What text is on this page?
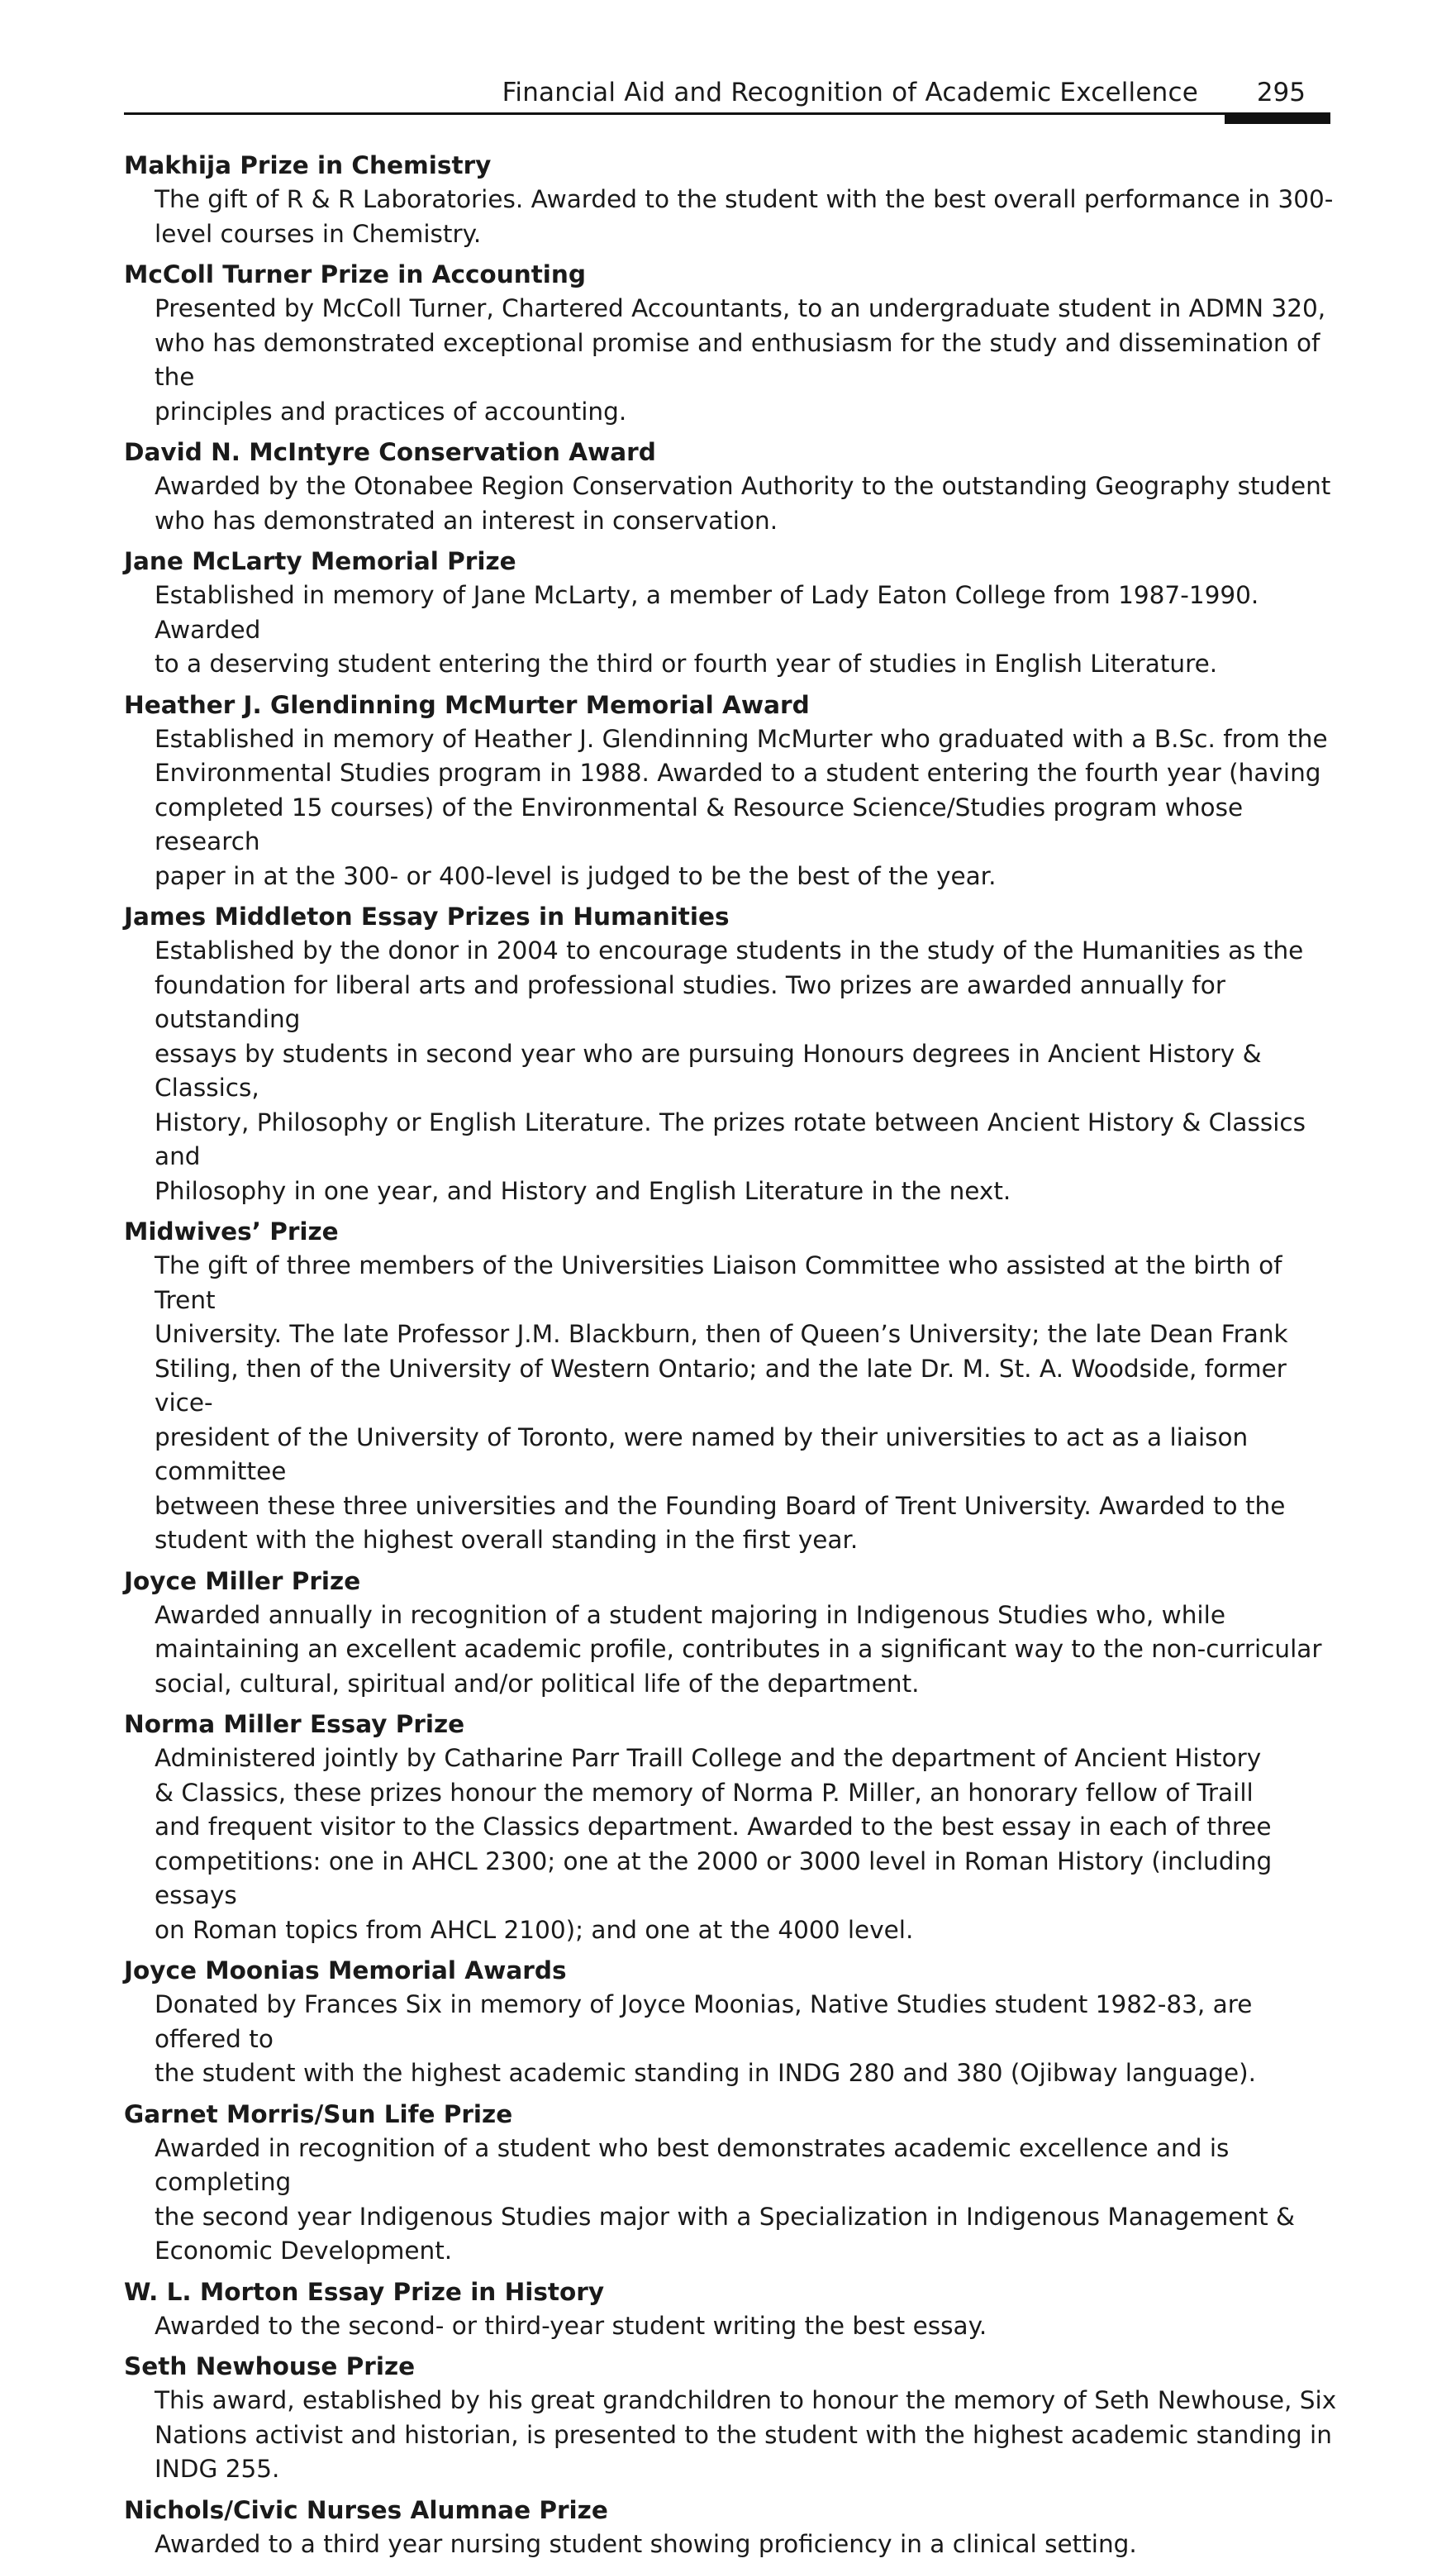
Financial Aid and Recognition of Academic Excellence 295
Makhija Prize in Chemistry
The gift of R & R Laboratories. Awarded to the student with the best overall performance in 300-
level courses in Chemistry.
McColl Turner Prize in Accounting
Presented by McColl Turner, Chartered Accountants, to an undergraduate student in ADMN 320,
who has demonstrated exceptional promise and enthusiasm for the study and dissemination of the
principles and practices of accounting.
David N. McIntyre Conservation Award
Awarded by the Otonabee Region Conservation Authority to the outstanding Geography student
who has demonstrated an interest in conservation.
Jane McLarty Memorial Prize
Established in memory of Jane McLarty, a member of Lady Eaton College from 1987-1990. Awarded
to a deserving student entering the third or fourth year of studies in English Literature.
Heather J. Glendinning McMurter Memorial Award
Established in memory of Heather J. Glendinning McMurter who graduated with a B.Sc. from the
Environmental Studies program in 1988. Awarded to a student entering the fourth year (having
completed 15 courses) of the Environmental & Resource Science/Studies program whose research
paper in at the 300- or 400-level is judged to be the best of the year.
James Middleton Essay Prizes in Humanities
Established by the donor in 2004 to encourage students in the study of the Humanities as the
foundation for liberal arts and professional studies. Two prizes are awarded annually for outstanding
essays by students in second year who are pursuing Honours degrees in Ancient History & Classics,
History, Philosophy or English Literature. The prizes rotate between Ancient History & Classics and
Philosophy in one year, and History and English Literature in the next.
Midwives’ Prize
The gift of three members of the Universities Liaison Committee who assisted at the birth of Trent
University. The late Professor J.M. Blackburn, then of Queen’s University; the late Dean Frank
Stiling, then of the University of Western Ontario; and the late Dr. M. St. A. Woodside, former vice-
president of the University of Toronto, were named by their universities to act as a liaison committee
between these three universities and the Founding Board of Trent University. Awarded to the
student with the highest overall standing in the first year.
Joyce Miller Prize
Awarded annually in recognition of a student majoring in Indigenous Studies who, while
maintaining an excellent academic profile, contributes in a significant way to the non-curricular
social, cultural, spiritual and/or political life of the department.
Norma Miller Essay Prize
Administered jointly by Catharine Parr Traill College and the department of Ancient History
& Classics, these prizes honour the memory of Norma P. Miller, an honorary fellow of Traill
and frequent visitor to the Classics department. Awarded to the best essay in each of three
competitions: one in AHCL 2300; one at the 2000 or 3000 level in Roman History (including essays
on Roman topics from AHCL 2100); and one at the 4000 level.
Joyce Moonias Memorial Awards
Donated by Frances Six in memory of Joyce Moonias, Native Studies student 1982-83, are offered to
the student with the highest academic standing in INDG 280 and 380 (Ojibway language).
Garnet Morris/Sun Life Prize
Awarded in recognition of a student who best demonstrates academic excellence and is completing
the second year Indigenous Studies major with a Specialization in Indigenous Management &
Economic Development.
W. L. Morton Essay Prize in History
Awarded to the second- or third-year student writing the best essay.
Seth Newhouse Prize
This award, established by his great grandchildren to honour the memory of Seth Newhouse, Six
Nations activist and historian, is presented to the student with the highest academic standing in
INDG 255.
Nichols/Civic Nurses Alumnae Prize
Awarded to a third year nursing student showing proficiency in a clinical setting.
